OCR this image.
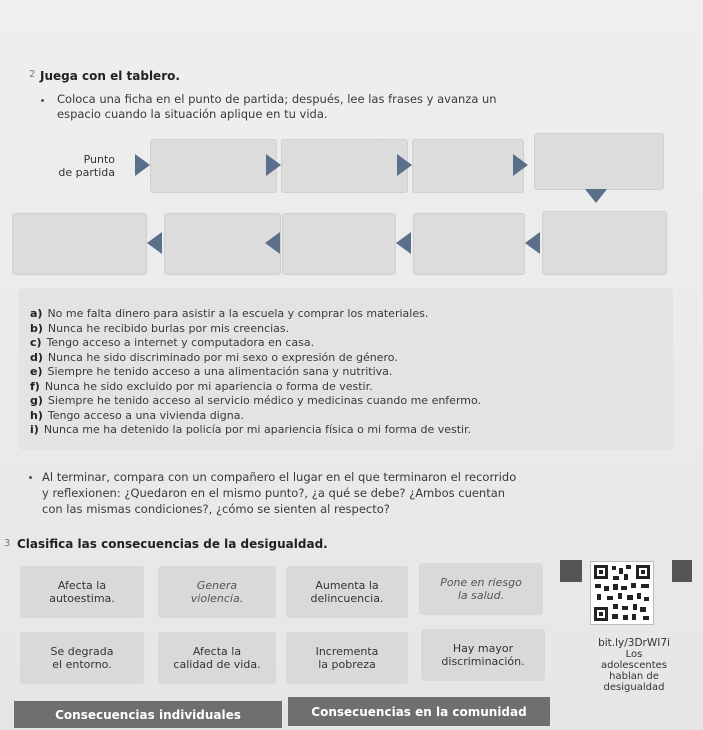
2 Juega con el tablero.
Coloca una ficha en el punto de partida; después, lee las frases y avanza un espacio cuando la situación aplique en tu vida.
Punto
de partida
a) No me falta dinero para asistir a la escuela y comprar los materiales.
b) Nunca he recibido burlas por mis creencias.
c) Tengo acceso a internet y computadora en casa.
d) Nunca he sido discriminado por mi sexo o expresión de género.
e) Siempre he tenido acceso a una alimentación sana y nutritiva.
f) Nunca he sido excluido por mi apariencia o forma de vestir.
g) Siempre he tenido acceso al servicio médico y medicinas cuando me enfermo.
h) Tengo acceso a una vivienda digna.
i) Nunca me ha detenido la policía por mi apariencia física o mi forma de vestir.
Al terminar, compara con un compañero el lugar en el que terminaron el recorrido
y reflexionen: ¿Quedaron en el mismo punto?, ¿a qué se debe? ¿Ambos cuentan
con las mismas condiciones?, ¿cómo se sienten al respecto?
3 Clasifica las consecuencias de la desigualdad.
Afecta la
autoestima.
Genera
violencia.
Aumenta la
delincuencia.
Pone en riesgo
la salud.
Se degrada
el entorno.
Afecta la
calidad de vida.
Incrementa
la pobreza
Hay mayor
discriminación.
bit.ly/3DrWI7i
Los
adolescentes
hablan de
desigualdad
Consecuencias individuales	Consecuencias en la comunidad
